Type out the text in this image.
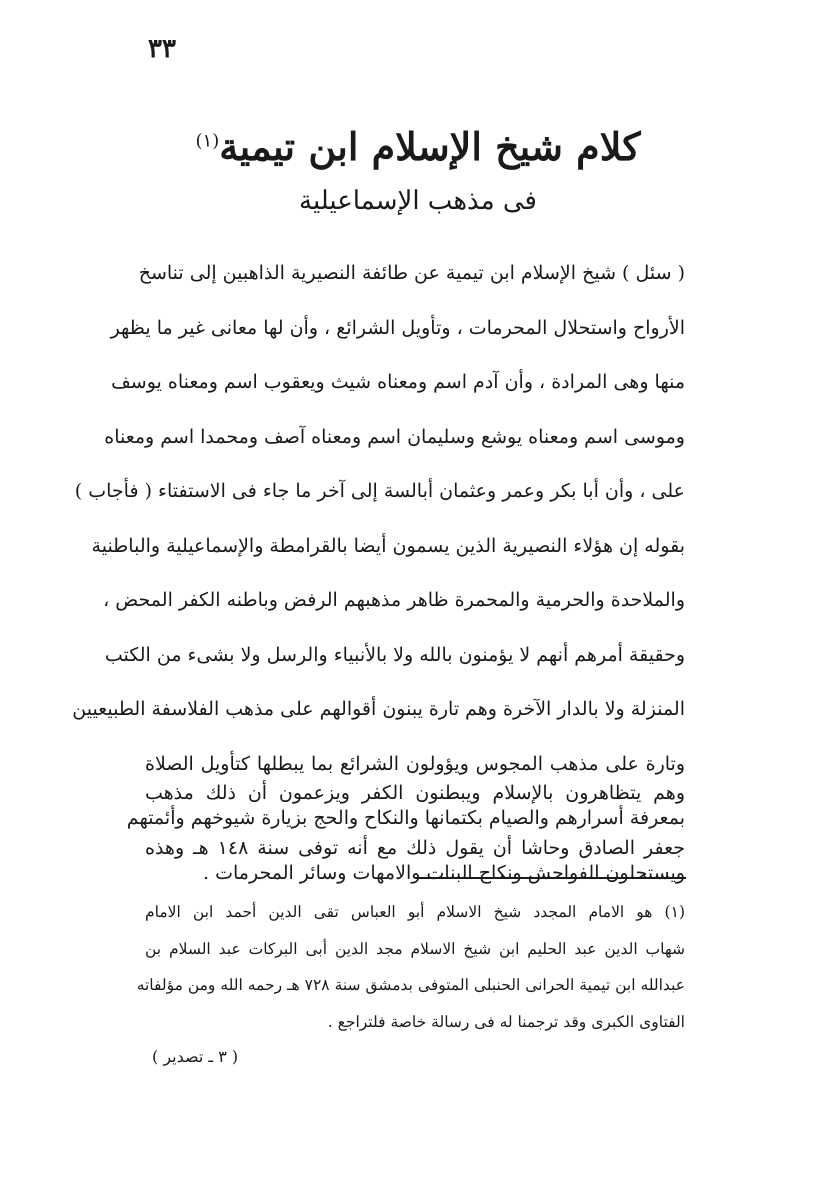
٣٣
كلام شيخ الإسلام ابن تيمية$^{(١)}$
فى مذهب الإسماعيلية
( سئل ) شيخ الإسلام ابن تيمية عن طائفة النصيرية الذاهبين إلى تناسخ
الأرواح واستحلال المحرمات ، وتأويل الشرائع ، وأن لها معانى غير ما يظهر
منها وهى المرادة ، وأن آدم اسم ومعناه شيث ويعقوب اسم ومعناه يوسف
وموسى اسم ومعناه يوشع وسليمان اسم ومعناه آصف ومحمدا اسم ومعناه
على ، وأن أبا بكر وعمر وعثمان أبالسة إلى آخر ما جاء فى الاستفتاء ( فأجاب )
بقوله إن هؤلاء النصيرية الذين يسمون أيضا بالقرامطة والإسماعيلية والباطنية
والملاحدة والحرمية والمحمرة ظاهر مذهبهم الرفض وباطنه الكفر المحض ،
وحقيقة أمرهم أنهم لا يؤمنون بالله ولا بالأنبياء والرسل ولا بشىء من الكتب
المنزلة ولا بالدار الآخرة وهم تارة يبنون أقوالهم على مذهب الفلاسفة الطبيعيين
وتارة على مذهب المجوس ويؤولون الشرائع بما يبطلها كتأويل الصلاة
بمعرفة أسرارهم والصيام بكتمانها والنكاح والحج بزيارة شيوخهم وأئمتهم
ويستحلون الفواحش ونكاح البنات والامهات وسائر المحرمات .
وهم يتظاهرون بالإسلام ويبطنون الكفر ويزعمون أن ذلك مذهب
جعفر الصادق وحاشا أن يقول ذلك مع أنه توفى سنة ١٤٨ هـ وهذه
(١) هو الامام المجدد شيخ الاسلام أبو العباس تقى الدين أحمد ابن الامام
شهاب الدين عبد الحليم ابن شيخ الاسلام مجد الدين أبى البركات عبد السلام بن
عبدالله ابن تيمية الحرانى الحنبلى المتوفى بدمشق سنة ٧٢٨ هـ رحمه الله ومن مؤلفاته
الفتاوى الكبرى وقد ترجمنا له فى رسالة خاصة فلتراجع .
( ٣ ـ تصدير )
